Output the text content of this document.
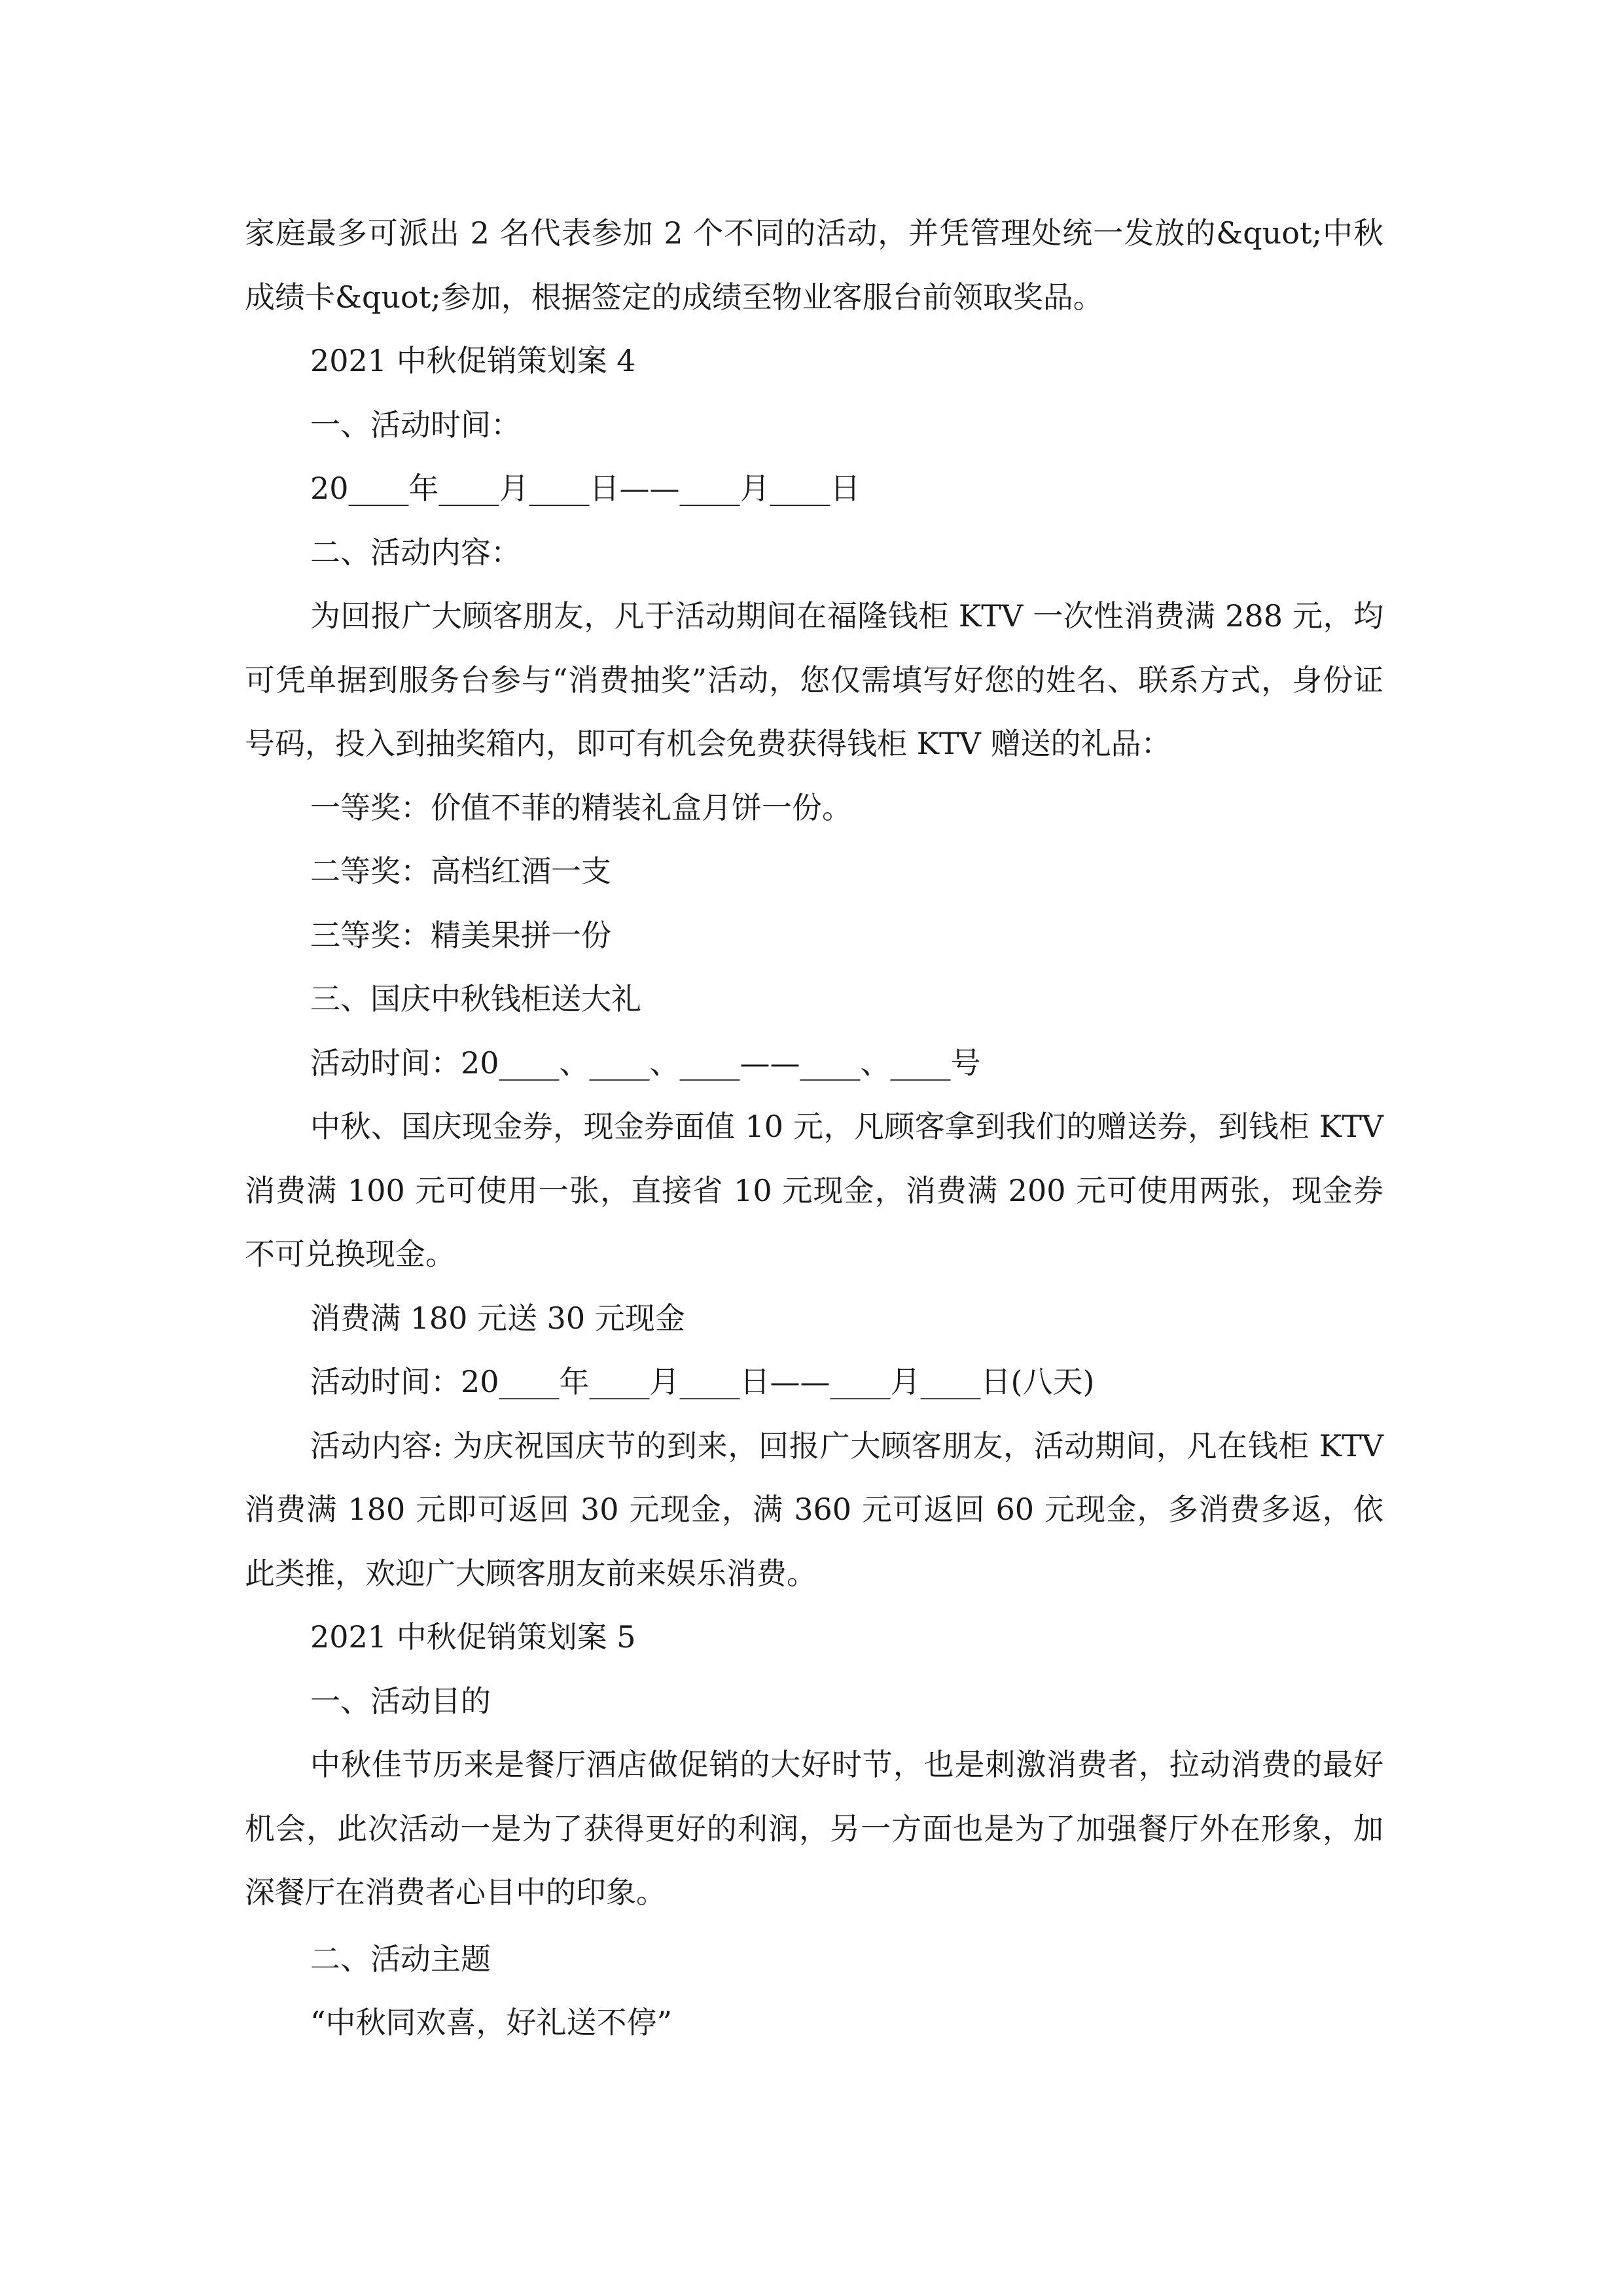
家庭最多可派出 2 名代表参加 2 个不同的活动，并凭管理处统一发放的&quot;中秋成绩卡&quot;参加，根据签定的成绩至物业客服台前领取奖品。

2021 中秋促销策划案 4

一、活动时间：

20____年____月____日——____月____日

二、活动内容：

为回报广大顾客朋友，凡于活动期间在福隆钱柜 KTV 一次性消费满 288 元，均可凭单据到服务台参与“消费抽奖”活动，您仅需填写好您的姓名、联系方式，身份证号码，投入到抽奖箱内，即可有机会免费获得钱柜 KTV 赠送的礼品：

一等奖：价值不菲的精装礼盒月饼一份。

二等奖：高档红酒一支

三等奖：精美果拼一份

三、国庆中秋钱柜送大礼

活动时间：20____、____、____——____、____号

中秋、国庆现金券，现金券面值 10 元，凡顾客拿到我们的赠送券，到钱柜 KTV 消费满 100 元可使用一张，直接省 10 元现金，消费满 200 元可使用两张，现金券不可兑换现金。

消费满 180 元送 30 元现金

活动时间：20____年____月____日——____月____日(八天)

活动内容: 为庆祝国庆节的到来，回报广大顾客朋友，活动期间，凡在钱柜 KTV 消费满 180 元即可返回 30 元现金，满 360 元可返回 60 元现金，多消费多返，依此类推，欢迎广大顾客朋友前来娱乐消费。

2021 中秋促销策划案 5

一、活动目的

中秋佳节历来是餐厅酒店做促销的大好时节，也是刺激消费者，拉动消费的最好机会，此次活动一是为了获得更好的利润，另一方面也是为了加强餐厅外在形象，加深餐厅在消费者心目中的印象。

二、活动主题

“中秋同欢喜，好礼送不停”
